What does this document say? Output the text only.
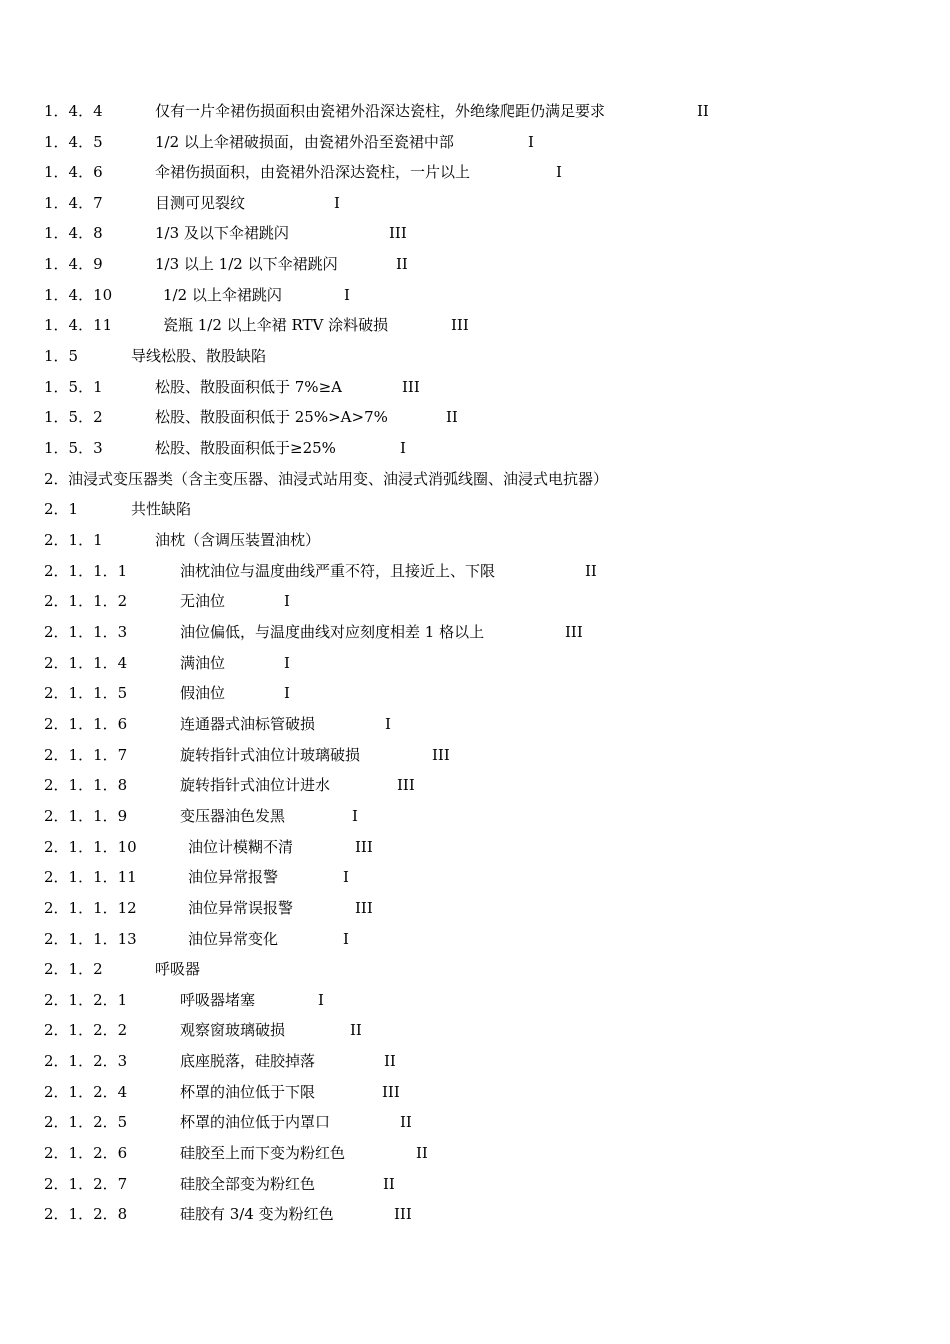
1．4．4	仅有一片伞裙伤损面积由瓷裙外沿深达瓷柱，外绝缘爬距仍满足要求	II
1．4．5	1/2 以上伞裙破损面，由瓷裙外沿至瓷裙中部	I
1．4．6	伞裙伤损面积，由瓷裙外沿深达瓷柱，一片以上	I
1．4．7	目测可见裂纹	I
1．4．8	1/3 及以下伞裙跳闪	III
1．4．9	1/3 以上 1/2 以下伞裙跳闪	II
1．4．10	1/2 以上伞裙跳闪	I
1．4．11	瓷瓶 1/2 以上伞裙 RTV 涂料破损	III
1．5	导线松股、散股缺陷
1．5．1	松股、散股面积低于 7%≥A	III
1．5．2	松股、散股面积低于 25%>A>7%	II
1．5．3	松股、散股面积低于≥25%	I
2． 油浸式变压器类（含主变压器、油浸式站用变、油浸式消弧线圈、油浸式电抗器）
2．1	共性缺陷
2．1．1	油枕（含调压装置油枕）
2．1．1．1	油枕油位与温度曲线严重不符，且接近上、下限	II
2．1．1．2	无油位	I
2．1．1．3	油位偏低，与温度曲线对应刻度相差 1 格以上	III
2．1．1．4	满油位	I
2．1．1．5	假油位	I
2．1．1．6	连通器式油标管破损	I
2．1．1．7	旋转指针式油位计玻璃破损	III
2．1．1．8	旋转指针式油位计进水	III
2．1．1．9	变压器油色发黑	I
2．1．1．10	油位计模糊不清	III
2．1．1．11	油位异常报警	I
2．1．1．12	油位异常误报警	III
2．1．1．13	油位异常变化	I
2．1．2	呼吸器
2．1．2．1	呼吸器堵塞	I
2．1．2．2	观察窗玻璃破损	II
2．1．2．3	底座脱落，硅胶掉落	II
2．1．2．4	杯罩的油位低于下限	III
2．1．2．5	杯罩的油位低于内罩口	II
2．1．2．6	硅胶至上而下变为粉红色	II
2．1．2．7	硅胶全部变为粉红色	II
2．1．2．8	硅胶有 3/4 变为粉红色	III
